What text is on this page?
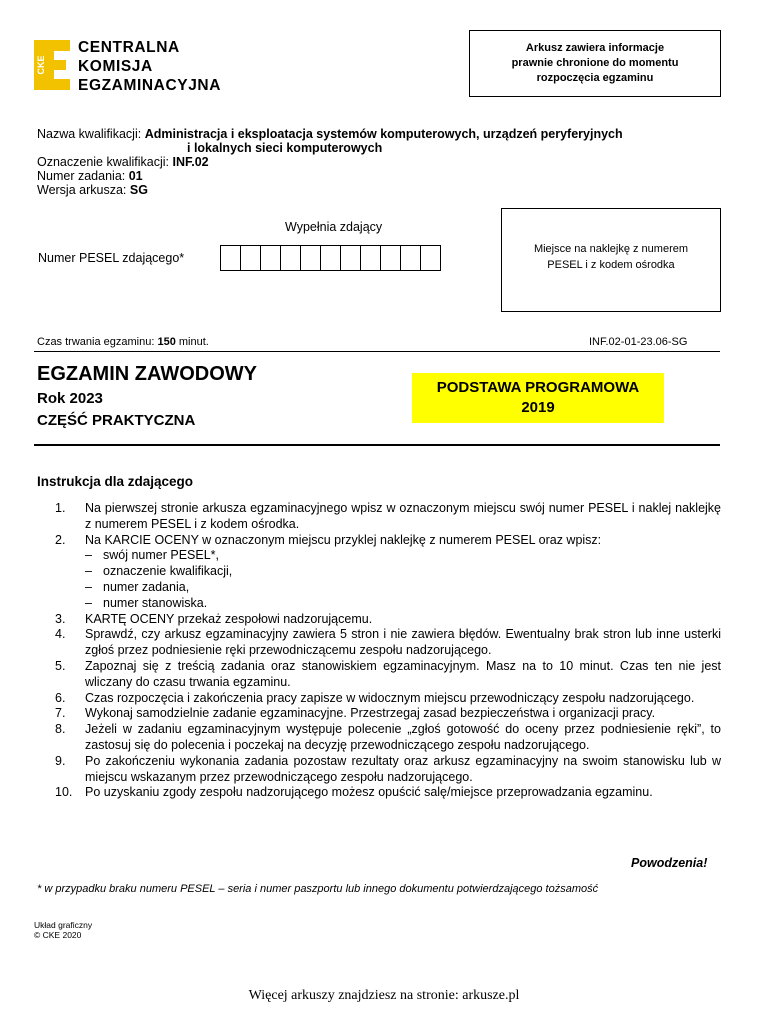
CKE
CENTRALNA
KOMISJA
EGZAMINACYJNA
Arkusz zawiera informacje
prawnie chronione do momentu
rozpoczęcia egzaminu
Nazwa kwalifikacji: Administracja i eksploatacja systemów komputerowych, urządzeń peryferyjnych
i lokalnych sieci komputerowych
Oznaczenie kwalifikacji: INF.02
Numer zadania: 01
Wersja arkusza: SG
Wypełnia zdający
Numer PESEL zdającego*
Miejsce na naklejkę z numerem
PESEL i z kodem ośrodka
Czas trwania egzaminu: 150 minut.	INF.02-01-23.06-SG
EGZAMIN ZAWODOWY
Rok 2023
CZĘŚĆ PRAKTYCZNA
PODSTAWA PROGRAMOWA
2019
Instrukcja dla zdającego
1.	Na pierwszej stronie arkusza egzaminacyjnego wpisz w oznaczonym miejscu swój numer PESEL i naklej naklejkę z numerem PESEL i z kodem ośrodka.
2.	Na KARCIE OCENY w oznaczonym miejscu przyklej naklejkę z numerem PESEL oraz wpisz:
– swój numer PESEL*,
– oznaczenie kwalifikacji,
– numer zadania,
– numer stanowiska.
3.	KARTĘ OCENY przekaż zespołowi nadzorującemu.
4.	Sprawdź, czy arkusz egzaminacyjny zawiera 5 stron i nie zawiera błędów. Ewentualny brak stron lub inne usterki zgłoś przez podniesienie ręki przewodniczącemu zespołu nadzorującego.
5.	Zapoznaj się z treścią zadania oraz stanowiskiem egzaminacyjnym. Masz na to 10 minut. Czas ten nie jest wliczany do czasu trwania egzaminu.
6.	Czas rozpoczęcia i zakończenia pracy zapisze w widocznym miejscu przewodniczący zespołu nadzorującego.
7.	Wykonaj samodzielnie zadanie egzaminacyjne. Przestrzegaj zasad bezpieczeństwa i organizacji pracy.
8.	Jeżeli w zadaniu egzaminacyjnym występuje polecenie „zgłoś gotowość do oceny przez podniesienie ręki”, to zastosuj się do polecenia i poczekaj na decyzję przewodniczącego zespołu nadzorującego.
9.	Po zakończeniu wykonania zadania pozostaw rezultaty oraz arkusz egzaminacyjny na swoim stanowisku lub w miejscu wskazanym przez przewodniczącego zespołu nadzorującego.
10.	Po uzyskaniu zgody zespołu nadzorującego możesz opuścić salę/miejsce przeprowadzania egzaminu.
Powodzenia!
* w przypadku braku numeru PESEL – seria i numer paszportu lub innego dokumentu potwierdzającego tożsamość
Układ graficzny
© CKE 2020
Więcej arkuszy znajdziesz na stronie: arkusze.pl
